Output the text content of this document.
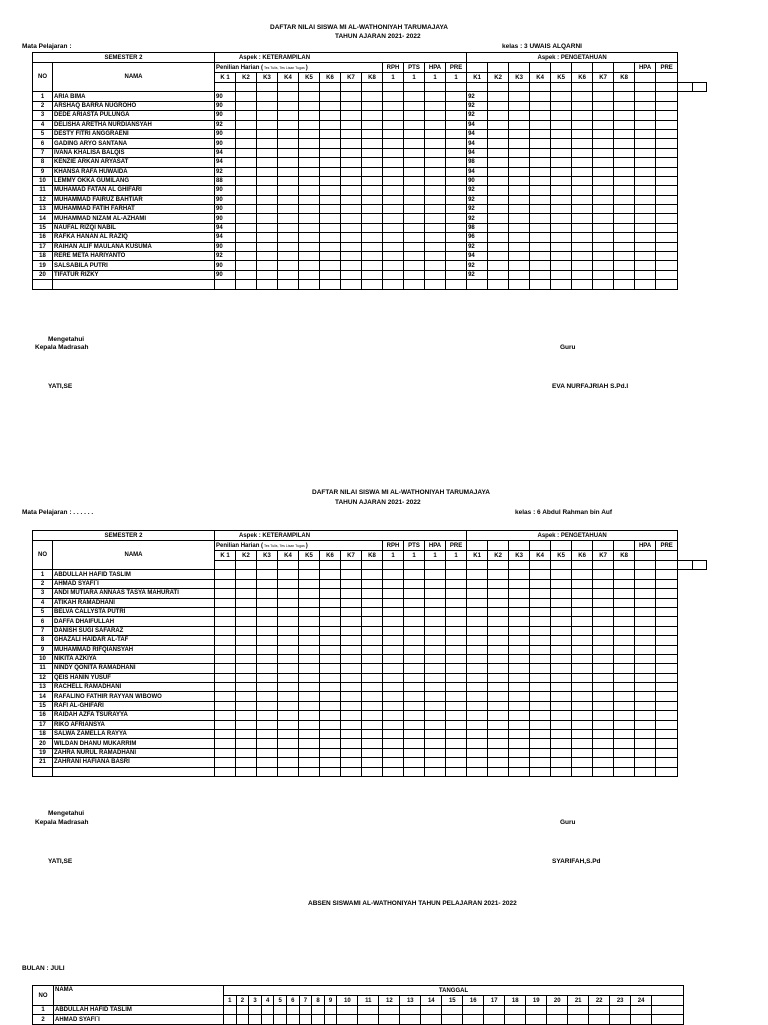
DAFTAR NILAI SISWA MI AL-WATHONIYAH TARUMAJAYA
TAHUN AJARAN 2021- 2022
Mata Pelajaran :	kelas : 3 UWAIS ALQARNI
SEMESTER 2		Aspek : KETERAMPILAN												Aspek : PENGETAHUAN											
NO	NAMA	Penilian Harian ( Tes Tulis, Tes Lisan Tugas )								RPH	PTS	HPA	PRE									HPA	PRE		
		K 1	K2	K3	K4	K5	K6	K7	K8	1	1	1	1	K1	K2	K3	K4	K5	K6	K7	K8				

1	ARIA BIMA	90												92											
2	ARSHAQ BARRA NUGROHO	90												92											
3	DEDE ARIASTA PULUNGA	90												92											
4	DELISHA ARETHA NURDIANSYAH	92												94											
5	DESTY FITRI ANGGRAENI	90												94											
6	GADING ARYO SANTANA	90												94											
7	IVANA KHALISA BALQIS	94												94											
8	KENZIE ARKAN ARYASAT	94												98											
9	KHANSA RAFA HUWAIDA	92												94											
10	LEMMY OKKA GUMILANG	88												90											
11	MUHAMAD FATAN AL GHIFARI	90												92											
12	MUHAMMAD FAIRUZ BAHTIAR	90												92											
13	MUHAMMAD FATIH FARHAT	90												92											
14	MUHAMMAD NIZAM AL-AZHAMI	90												92											
15	NAUFAL RIZQI NABIL	94												98											
16	RAFKA HANAN AL RAZIQ	94												96											
17	RAIHAN ALIF MAULANA KUSUMA	90												92											
18	RERE META HARIYANTO	92												94											
19	SALSABILA PUTRI	90												92											
20	TIFATUR RIZKY	90												92											

Mengetahui
Kepala Madrasah	Guru
YATI,SE	EVA NURFAJRIAH S.Pd.I
DAFTAR NILAI SISWA MI AL-WATHONIYAH TARUMAJAYA
TAHUN AJARAN 2021- 2022
Mata Pelajaran : . . . . . .	kelas : 6 Abdul Rahman bin Auf
SEMESTER 2		Aspek : KETERAMPILAN												Aspek : PENGETAHUAN											
NO	NAMA	Penilian Harian ( Tes Tulis, Tes Lisan Tugas )								RPH	PTS	HPA	PRE									HPA	PRE		
		K 1	K2	K3	K4	K5	K6	K7	K8	1	1	1	1	K1	K2	K3	K4	K5	K6	K7	K8				

1	ABDULLAH HAFID TASLIM																								
2	AHMAD SYAFI`I																								
3	ANDI MUTIARA ANNAAS TASYA MAHURATI																								
4	ATIKAH RAMADHANI																								
5	BELVA CALLYSTA PUTRI																								
6	DAFFA DHAIFULLAH																								
7	DANISH SUGI SAFARAZ																								
8	GHAZALI HAIDAR AL-TAF																								
9	MUHAMMAD RIFQIANSYAH																								
10	NIKITA AZKIYA																								
11	NINDY QONITA RAMADHANI																								
12	QEIS HANIN YUSUF																								
13	RACHELL RAMADHANI																								
14	RAFALINO FATHIR RAYYAN WIBOWO																								
15	RAFI AL-GHIFARI																								
16	RAIDAH AZFA TSURAYYA																								
17	RIKO AFRIANSYA																								
18	SALWA ZAMELLA RAYYA																								
20	WILDAN DHANU MUKARRIM																								
19	ZAHRA NURUL RAMADHANI																								
21	ZAHRANI HAFIANA BASRI																								

Mengetahui
Kepala Madrasah	Guru
YATI,SE	SYARIFAH,S.Pd
ABSEN SISWAMI AL-WATHONIYAH TAHUN PELAJARAN 2021- 2022
BULAN : JULI
NO	NAMA	TANGGAL																								
		1	2	3	4	5	6	7	8	9	10	11	12	13	14	15	16	17	18	19	20	21	22	23	24	
1	ABDULLAH HAFID TASLIM																									
2	AHMAD SYAFI`I																									
